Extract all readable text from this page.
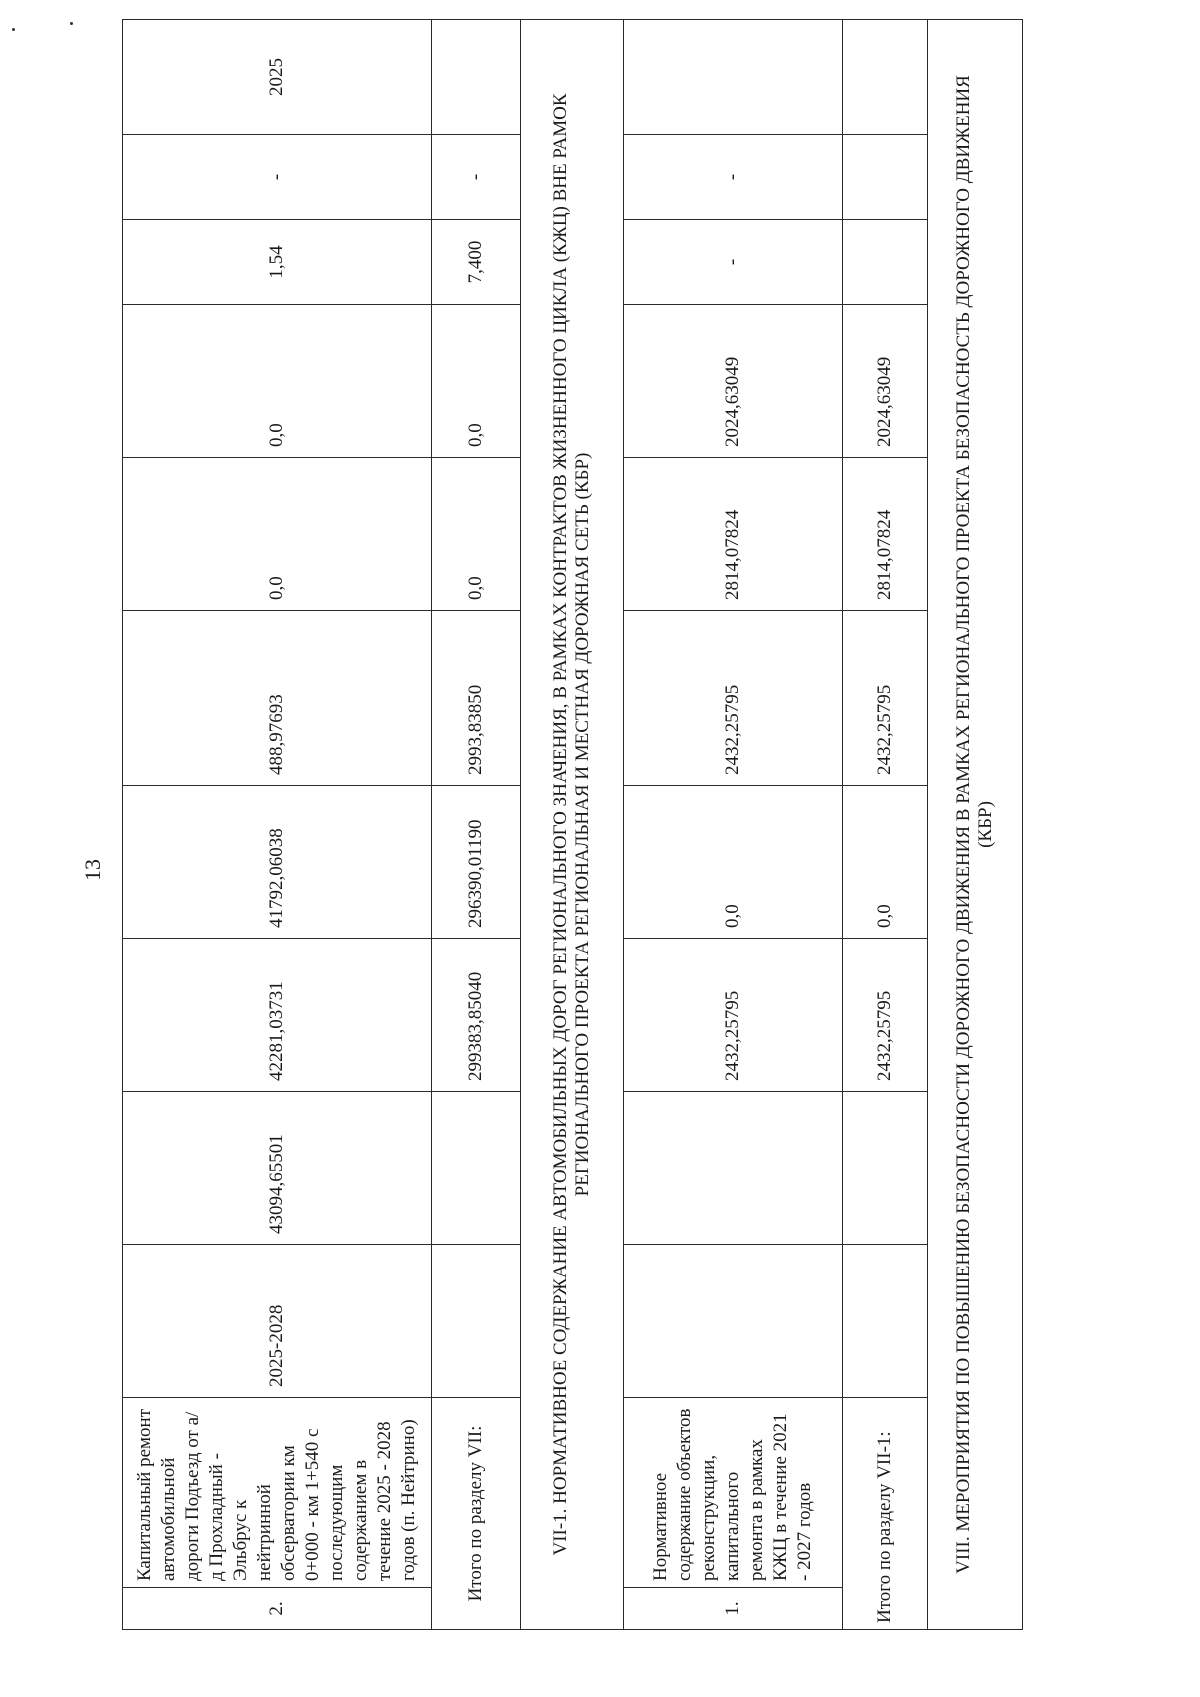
13
2.	Капитальный ремонт автомобильной дороги Подъезд от а/д Прохладный - Эльбрус к нейтринной обсерватории км 0+000 - км 1+540 с последующим содержанием в течение 2025 - 2028 годов (п. Нейтрино)	2025-2028	43094,65501	42281,03731	41792,06038	488,97693	0,0	0,0	1,54	-	2025
Итого по разделу VII:				299383,85040	296390,01190	2993,83850	0,0	0,0	7,400	-	
VII-1. НОРМАТИВНОЕ СОДЕРЖАНИЕ АВТОМОБИЛЬНЫХ ДОРОГ РЕГИОНАЛЬНОГО ЗНАЧЕНИЯ, В РАМКАХ КОНТРАКТОВ ЖИЗНЕННОГО ЦИКЛА (КЖЦ) ВНЕ РАМОК РЕГИОНАЛЬНОГО ПРОЕКТА РЕГИОНАЛЬНАЯ И МЕСТНАЯ ДОРОЖНАЯ СЕТЬ (КБР)											
1.	Нормативное содержание объектов реконструкции, капитального ремонта в рамках КЖЦ в течение 2021 - 2027 годов			2432,25795	0,0	2432,25795	2814,07824	2024,63049	-	-	
Итого по разделу VII-1:				2432,25795	0,0	2432,25795	2814,07824	2024,63049			
VIII. МЕРОПРИЯТИЯ ПО ПОВЫШЕНИЮ БЕЗОПАСНОСТИ ДОРОЖНОГО ДВИЖЕНИЯ В РАМКАХ РЕГИОНАЛЬНОГО ПРОЕКТА БЕЗОПАСНОСТЬ ДОРОЖНОГО ДВИЖЕНИЯ (КБР)											
